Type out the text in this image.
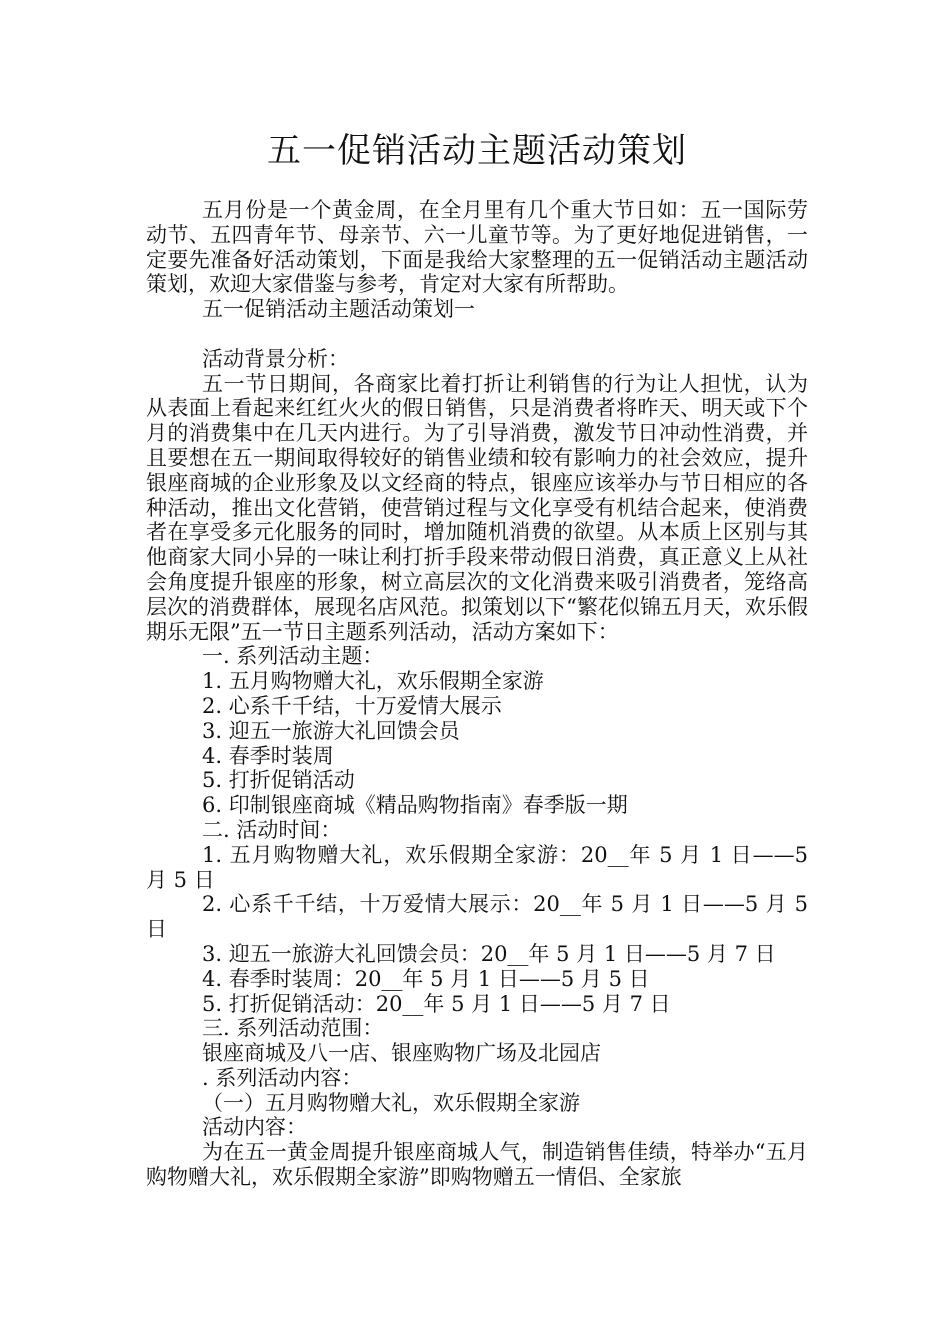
五一促销活动主题活动策划

五月份是一个黄金周，在全月里有几个重大节日如：五一国际劳动节、五四青年节、母亲节、六一儿童节等。为了更好地促进销售，一定要先准备好活动策划，下面是我给大家整理的五一促销活动主题活动策划，欢迎大家借鉴与参考，肯定对大家有所帮助。

五一促销活动主题活动策划一

活动背景分析：

五一节日期间，各商家比着打折让利销售的行为让人担忧，认为从表面上看起来红红火火的假日销售，只是消费者将昨天、明天或下个月的消费集中在几天内进行。为了引导消费，激发节日冲动性消费，并且要想在五一期间取得较好的销售业绩和较有影响力的社会效应，提升银座商城的企业形象及以文经商的特点，银座应该举办与节日相应的各种活动，推出文化营销，使营销过程与文化享受有机结合起来，使消费者在享受多元化服务的同时，增加随机消费的欲望。从本质上区别与其他商家大同小异的一味让利打折手段来带动假日消费，真正意义上从社会角度提升银座的形象，树立高层次的文化消费来吸引消费者，笼络高层次的消费群体，展现名店风范。拟策划以下“繁花似锦五月天，欢乐假期乐无限”五一节日主题系列活动，活动方案如下：

一. 系列活动主题：

1. 五月购物赠大礼，欢乐假期全家游

2. 心系千千结，十万爱情大展示

3. 迎五一旅游大礼回馈会员

4. 春季时装周

5. 打折促销活动

6. 印制银座商城《精品购物指南》春季版一期

二. 活动时间：

1. 五月购物赠大礼，欢乐假期全家游：20__年 5 月 1 日——5 月 5 日

2. 心系千千结，十万爱情大展示：20__年 5 月 1 日——5 月 5 日

3. 迎五一旅游大礼回馈会员：20__年 5 月 1 日——5 月 7 日

4. 春季时装周：20__年 5 月 1 日——5 月 5 日

5. 打折促销活动：20__年 5 月 1 日——5 月 7 日

三. 系列活动范围：

银座商城及八一店、银座购物广场及北园店

. 系列活动内容：

（一）五月购物赠大礼，欢乐假期全家游

活动内容：

为在五一黄金周提升银座商城人气，制造销售佳绩，特举办“五月购物赠大礼，欢乐假期全家游”即购物赠五一情侣、全家旅
